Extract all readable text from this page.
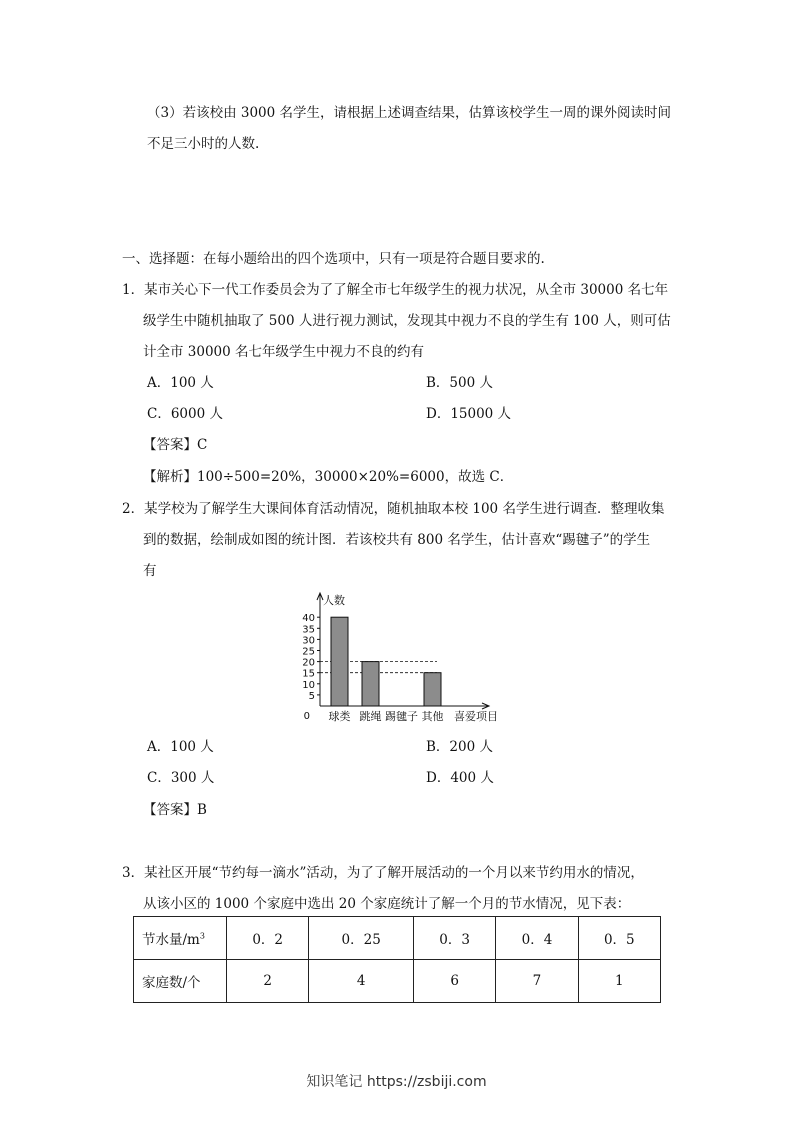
（3）若该校由 3000 名学生，请根据上述调查结果，估算该校学生一周的课外阅读时间
不足三小时的人数.
一、选择题：在每小题给出的四个选项中，只有一项是符合题目要求的.
1．某市关心下一代工作委员会为了了解全市七年级学生的视力状况，从全市 30000 名七年
级学生中随机抽取了 500 人进行视力测试，发现其中视力不良的学生有 100 人，则可估
计全市 30000 名七年级学生中视力不良的约有
A．100 人	B．500 人
C．6000 人	D．15000 人
【答案】C
【解析】100÷500=20%，30000×20%=6000，故选 C．
2．某学校为了解学生大课间体育活动情况，随机抽取本校 100 名学生进行调查．整理收集
到的数据，绘制成如图的统计图．若该校共有 800 名学生，估计喜欢“踢毽子”的学生
有
40
35
30
25
20
15
10
5
0
人数
球类 跳绳 踢毽子 其他 喜爱项目
A．100 人	B．200 人
C．300 人	D．400 人
【答案】B
3．某社区开展“节约每一滴水”活动，为了了解开展活动的一个月以来节约用水的情况，
从该小区的 1000 个家庭中选出 20 个家庭统计了解一个月的节水情况，见下表：
节水量$/m^3$	0．2	0．25	0．3	0．4	0．5
家庭数/个	2	4	6	7	1
知识笔记 https://zsbiji.com
